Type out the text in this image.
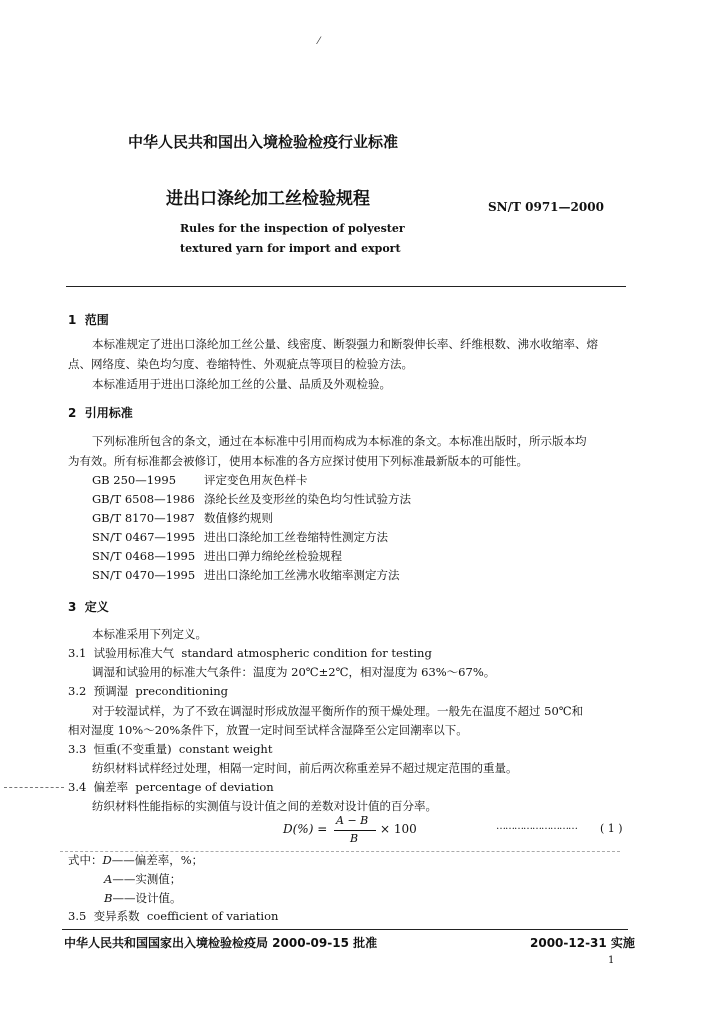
中华人民共和国出入境检验检疫行业标准
进出口涤纶加工丝检验规程	SN/T 0971—2000
Rules for the inspection of polyester
textured yarn for import and export
⁄
1 范围
本标准规定了进出口涤纶加工丝公量、线密度、断裂强力和断裂伸长率、纤维根数、沸水收缩率、熔
点、网络度、染色均匀度、卷缩特性、外观疵点等项目的检验方法。
本标准适用于进出口涤纶加工丝的公量、品质及外观检验。
2 引用标准
下列标准所包含的条文，通过在本标准中引用而构成为本标准的条文。本标准出版时，所示版本均
为有效。所有标准都会被修订，使用本标准的各方应探讨使用下列标准最新版本的可能性。
GB 250—1995 评定变色用灰色样卡
GB/T 6508—1986 涤纶长丝及变形丝的染色均匀性试验方法
GB/T 8170—1987 数值修约规则
SN/T 0467—1995 进出口涤纶加工丝卷缩特性测定方法
SN/T 0468—1995 进出口弹力绵纶丝检验规程
SN/T 0470—1995 进出口涤纶加工丝沸水收缩率测定方法
3 定义
本标准采用下列定义。
3.1 试验用标准大气 standard atmospheric condition for testing
调湿和试验用的标准大气条件：温度为 20℃±2℃，相对湿度为 63%～67%。
3.2 预调湿 preconditioning
对于较湿试样，为了不致在调湿时形成放湿平衡所作的预干燥处理。一般先在温度不超过 50℃和
相对湿度 10%～20%条件下，放置一定时间至试样含湿降至公定回潮率以下。
3.3 恒重(不变重量) constant weight
纺织材料试样经过处理，相隔一定时间，前后两次称重差异不超过规定范围的重量。
3.4 偏差率 percentage of deviation
纺织材料性能指标的实测值与设计值之间的差数对设计值的百分率。
D(%) =
A − B
B
× 100	……………………… ( 1 )
式中：D——偏差率，%；
A——实测值；
B——设计值。
3.5 变异系数 coefficient of variation
中华人民共和国国家出入境检验检疫局 2000-09-15 批准	2000-12-31 实施
1
